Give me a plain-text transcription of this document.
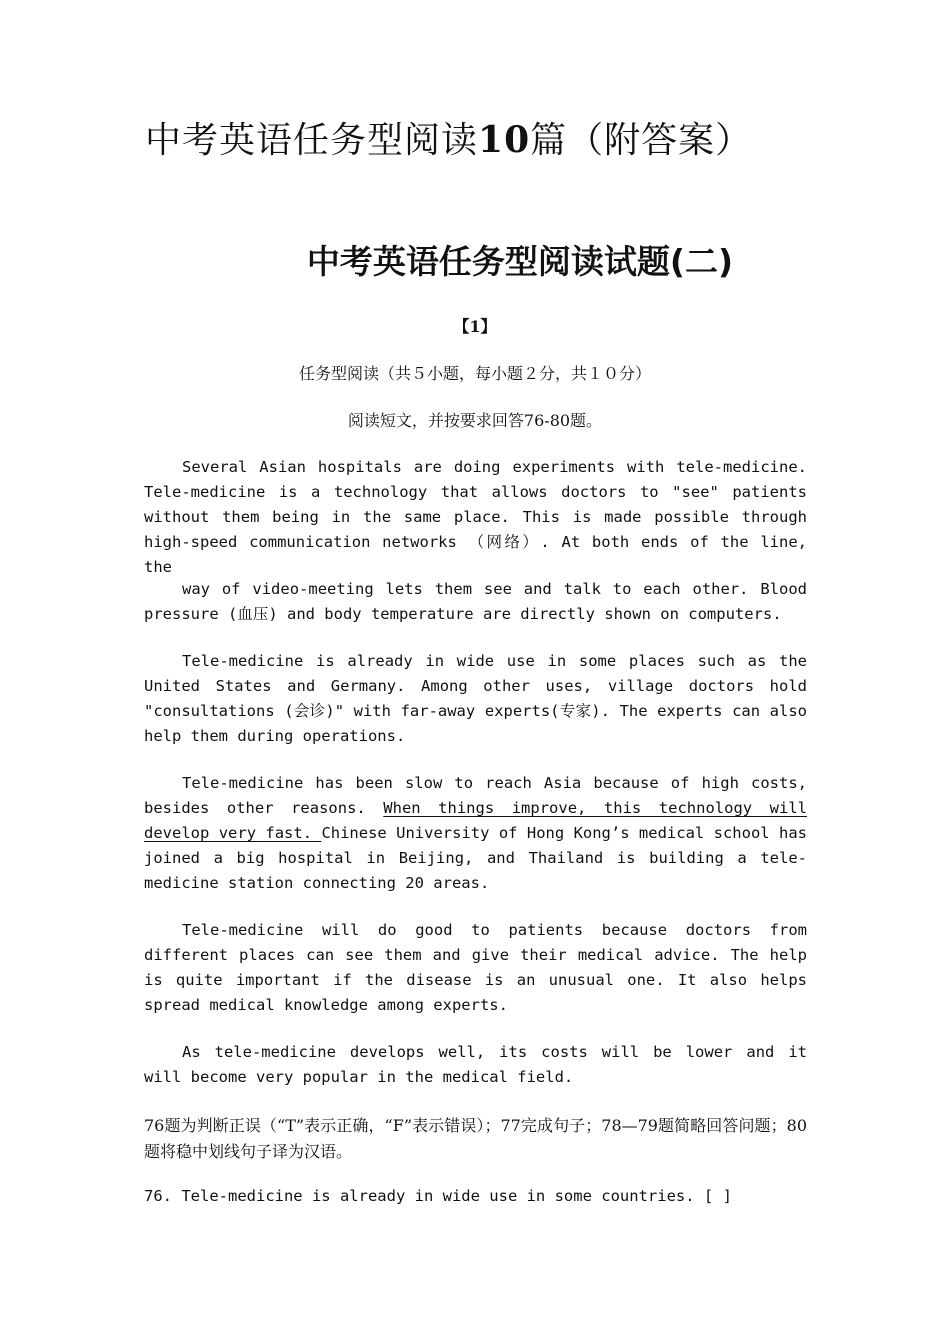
中考英语任务型阅读10篇（附答案）
中考英语任务型阅读试题(二)
【1】
任务型阅读（共５小题，每小题２分，共１０分）
阅读短文，并按要求回答76-80题。

Several Asian hospitals are doing experiments with tele-medicine. Tele-medicine is a technology that allows doctors to "see" patients without them being in the same place. This is made possible through high-speed communication networks （网络）. At both ends of the line, the

way of video-meeting lets them see and talk to each other. Blood pressure (血压) and body temperature are directly shown on computers.

Tele-medicine is already in wide use in some places such as the United States and Germany. Among other uses, village doctors hold "consultations (会诊)" with far-away experts(专家). The experts can also help them during operations.

Tele-medicine has been slow to reach Asia because of high costs, besides other reasons. When things improve, this technology will develop very fast. Chinese University of Hong Kong’s medical school has joined a big hospital in Beijing, and Thailand is building a tele-medicine station connecting 20 areas.

Tele-medicine will do good to patients because doctors from different places can see them and give their medical advice. The help is quite important if the disease is an unusual one. It also helps spread medical knowledge among experts.

As tele-medicine develops well, its costs will be lower and it will become very popular in the medical field.

76题为判断正误（“T”表示正确，“F”表示错误）；77完成句子；78—79题简略回答问题；80题将稳中划线句子译为汉语。
76. Tele-medicine is already in wide use in some countries. [ ]
